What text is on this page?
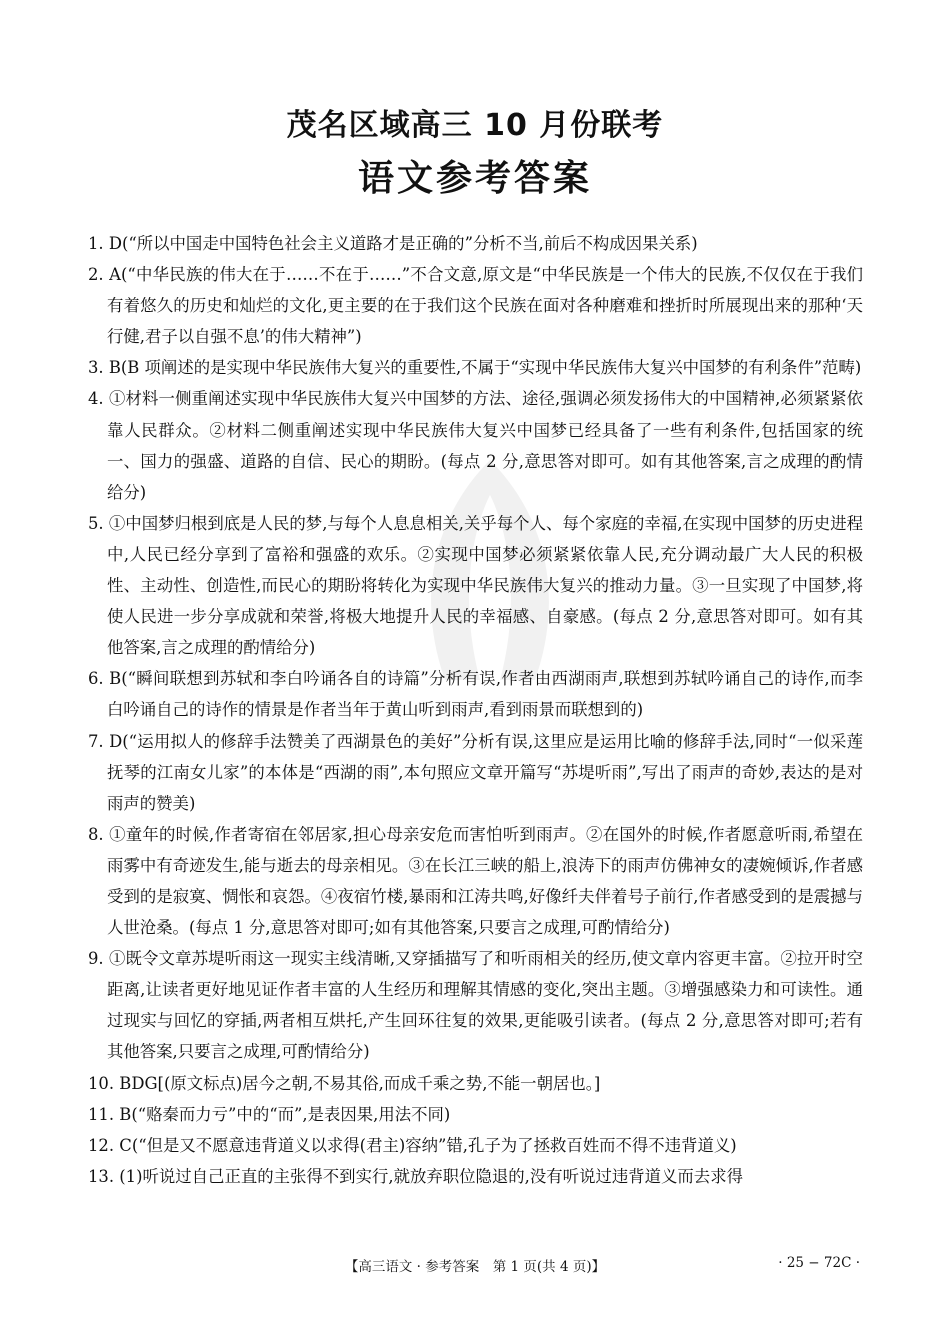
茂名区域高三 10 月份联考
语文参考答案
1. D(“所以中国走中国特色社会主义道路才是正确的”分析不当,前后不构成因果关系)
2. A(“中华民族的伟大在于……不在于……”不合文意,原文是“中华民族是一个伟大的民族,不仅仅在于我们有着悠久的历史和灿烂的文化,更主要的在于我们这个民族在面对各种磨难和挫折时所展现出来的那种‘天行健,君子以自强不息’的伟大精神”)
3. B(B 项阐述的是实现中华民族伟大复兴的重要性,不属于“实现中华民族伟大复兴中国梦的有利条件”范畴)
4. ①材料一侧重阐述实现中华民族伟大复兴中国梦的方法、途径,强调必须发扬伟大的中国精神,必须紧紧依靠人民群众。②材料二侧重阐述实现中华民族伟大复兴中国梦已经具备了一些有利条件,包括国家的统一、国力的强盛、道路的自信、民心的期盼。(每点 2 分,意思答对即可。如有其他答案,言之成理的酌情给分)
5. ①中国梦归根到底是人民的梦,与每个人息息相关,关乎每个人、每个家庭的幸福,在实现中国梦的历史进程中,人民已经分享到了富裕和强盛的欢乐。②实现中国梦必须紧紧依靠人民,充分调动最广大人民的积极性、主动性、创造性,而民心的期盼将转化为实现中华民族伟大复兴的推动力量。③一旦实现了中国梦,将使人民进一步分享成就和荣誉,将极大地提升人民的幸福感、自豪感。(每点 2 分,意思答对即可。如有其他答案,言之成理的酌情给分)
6. B(“瞬间联想到苏轼和李白吟诵各自的诗篇”分析有误,作者由西湖雨声,联想到苏轼吟诵自己的诗作,而李白吟诵自己的诗作的情景是作者当年于黄山听到雨声,看到雨景而联想到的)
7. D(“运用拟人的修辞手法赞美了西湖景色的美好”分析有误,这里应是运用比喻的修辞手法,同时“一似采莲抚琴的江南女儿家”的本体是“西湖的雨”,本句照应文章开篇写“苏堤听雨”,写出了雨声的奇妙,表达的是对雨声的赞美)
8. ①童年的时候,作者寄宿在邻居家,担心母亲安危而害怕听到雨声。②在国外的时候,作者愿意听雨,希望在雨雾中有奇迹发生,能与逝去的母亲相见。③在长江三峡的船上,浪涛下的雨声仿佛神女的凄婉倾诉,作者感受到的是寂寞、惆怅和哀怨。④夜宿竹楼,暴雨和江涛共鸣,好像纤夫伴着号子前行,作者感受到的是震撼与人世沧桑。(每点 1 分,意思答对即可;如有其他答案,只要言之成理,可酌情给分)
9. ①既令文章苏堤听雨这一现实主线清晰,又穿插描写了和听雨相关的经历,使文章内容更丰富。②拉开时空距离,让读者更好地见证作者丰富的人生经历和理解其情感的变化,突出主题。③增强感染力和可读性。通过现实与回忆的穿插,两者相互烘托,产生回环往复的效果,更能吸引读者。(每点 2 分,意思答对即可;若有其他答案,只要言之成理,可酌情给分)
10. BDG[(原文标点)居今之朝,不易其俗,而成千乘之势,不能一朝居也。]
11. B(“赂秦而力亏”中的“而”,是表因果,用法不同)
12. C(“但是又不愿意违背道义以求得(君主)容纳”错,孔子为了拯救百姓而不得不违背道义)
13. (1)听说过自己正直的主张得不到实行,就放弃职位隐退的,没有听说过违背道义而去求得
【高三语文 · 参考答案　第 1 页(共 4 页)】	· 25 − 72C ·
